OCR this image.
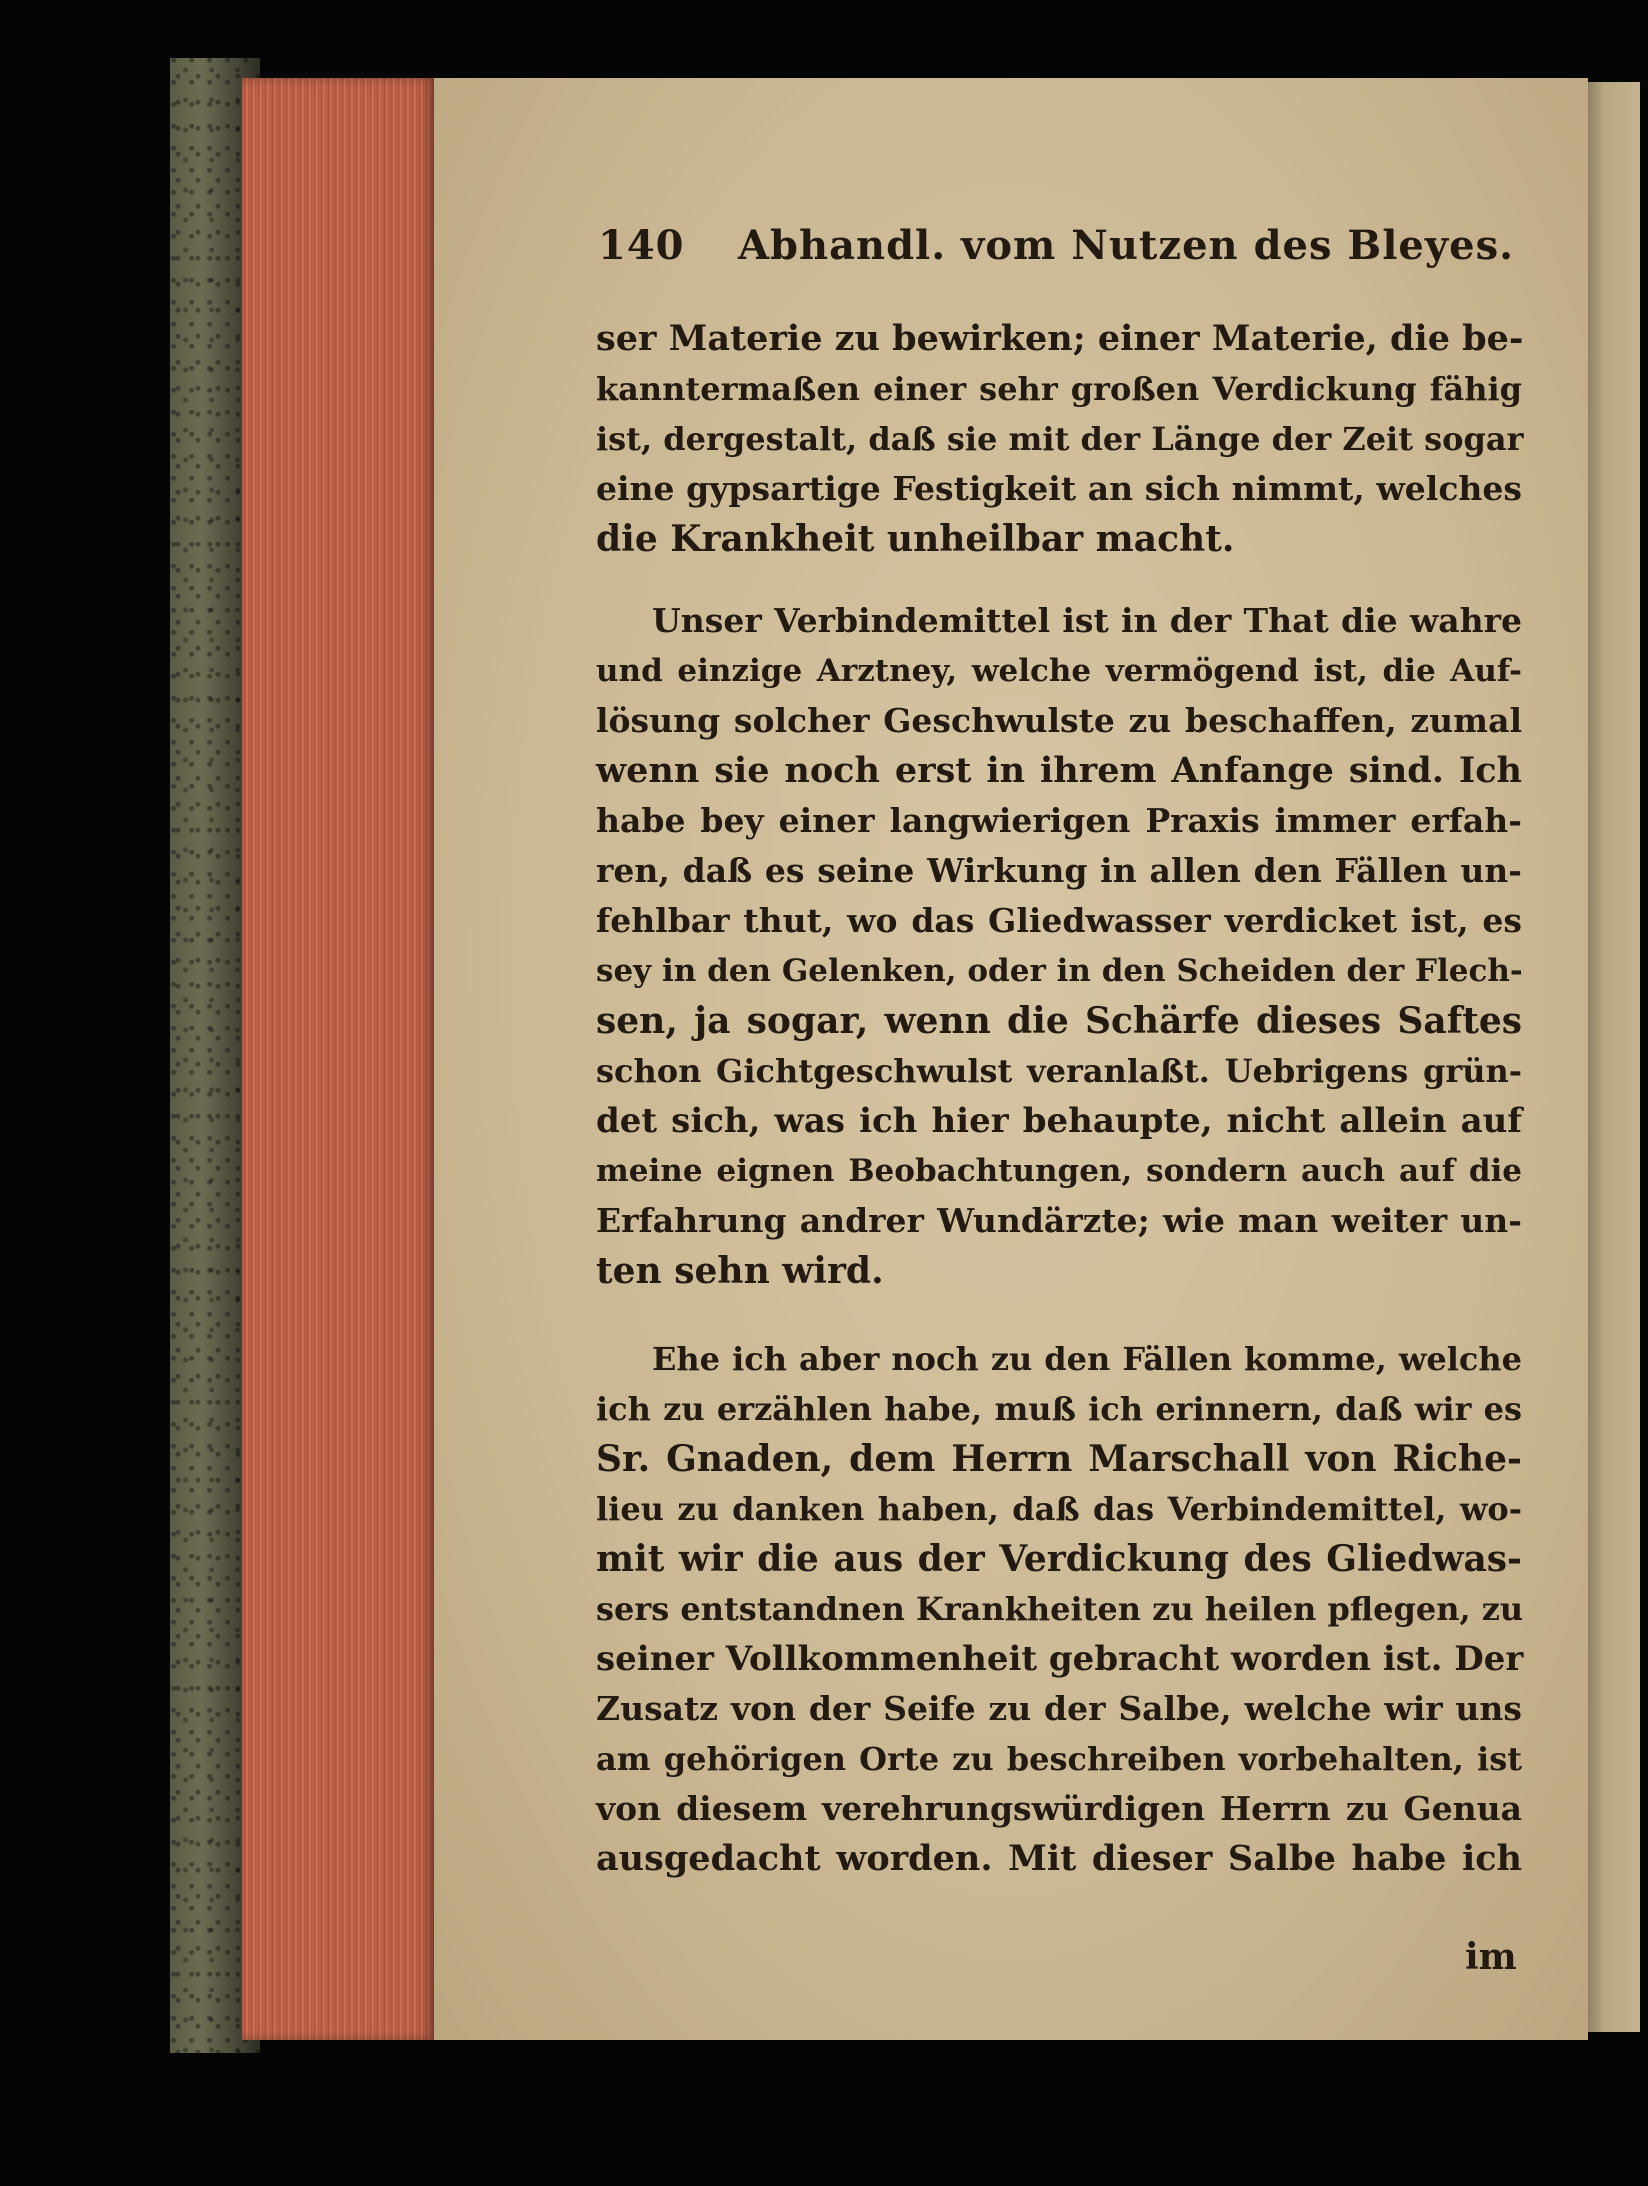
140 Abhandl. vom Nutzen des Bleyes.
ser Materie zu bewirken; einer Materie, die be-
kanntermaßen einer sehr großen Verdickung fähig
ist, dergestalt, daß sie mit der Länge der Zeit sogar
eine gypsartige Festigkeit an sich nimmt, welches
die Krankheit unheilbar macht.
Unser Verbindemittel ist in der That die wahre
und einzige Arztney, welche vermögend ist, die Auf-
lösung solcher Geschwulste zu beschaffen, zumal
wenn sie noch erst in ihrem Anfange sind. Ich
habe bey einer langwierigen Praxis immer erfah-
ren, daß es seine Wirkung in allen den Fällen un-
fehlbar thut, wo das Gliedwasser verdicket ist, es
sey in den Gelenken, oder in den Scheiden der Flech-
sen, ja sogar, wenn die Schärfe dieses Saftes
schon Gichtgeschwulst veranlaßt. Uebrigens grün-
det sich, was ich hier behaupte, nicht allein auf
meine eignen Beobachtungen, sondern auch auf die
Erfahrung andrer Wundärzte; wie man weiter un-
ten sehn wird.
Ehe ich aber noch zu den Fällen komme, welche
ich zu erzählen habe, muß ich erinnern, daß wir es
Sr. Gnaden, dem Herrn Marschall von Riche-
lieu zu danken haben, daß das Verbindemittel, wo-
mit wir die aus der Verdickung des Gliedwas-
sers entstandnen Krankheiten zu heilen pflegen, zu
seiner Vollkommenheit gebracht worden ist. Der
Zusatz von der Seife zu der Salbe, welche wir uns
am gehörigen Orte zu beschreiben vorbehalten, ist
von diesem verehrungswürdigen Herrn zu Genua
ausgedacht worden. Mit dieser Salbe habe ich
im
